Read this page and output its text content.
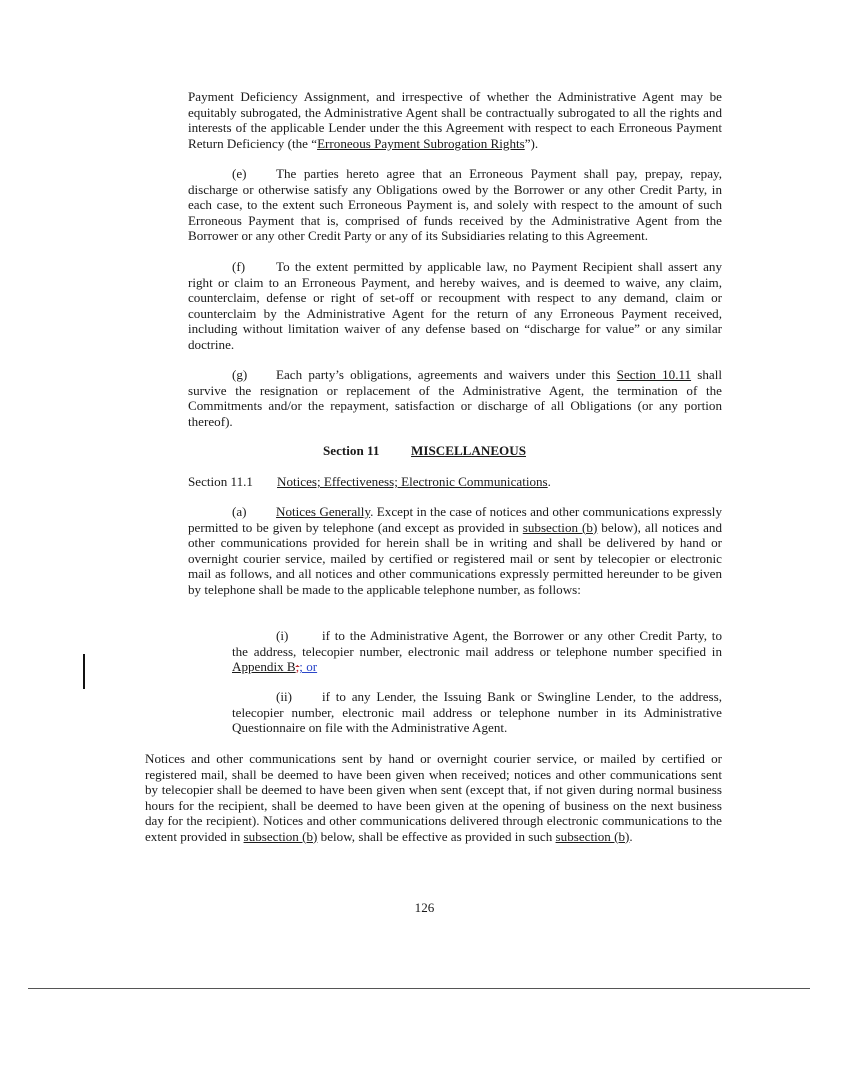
Payment Deficiency Assignment, and irrespective of whether the Administrative Agent may be equitably subrogated, the Administrative Agent shall be contractually subrogated to all the rights and interests of the applicable Lender under the this Agreement with respect to each Erroneous Payment Return Deficiency (the “Erroneous Payment Subrogation Rights”).
(e) The parties hereto agree that an Erroneous Payment shall pay, prepay, repay, discharge or otherwise satisfy any Obligations owed by the Borrower or any other Credit Party, in each case, to the extent such Erroneous Payment is, and solely with respect to the amount of such Erroneous Payment that is, comprised of funds received by the Administrative Agent from the Borrower or any other Credit Party or any of its Subsidiaries relating to this Agreement.
(f) To the extent permitted by applicable law, no Payment Recipient shall assert any right or claim to an Erroneous Payment, and hereby waives, and is deemed to waive, any claim, counterclaim, defense or right of set-off or recoupment with respect to any demand, claim or counterclaim by the Administrative Agent for the return of any Erroneous Payment received, including without limitation waiver of any defense based on “discharge for value” or any similar doctrine.
(g) Each party’s obligations, agreements and waivers under this Section 10.11 shall survive the resignation or replacement of the Administrative Agent, the termination of the Commitments and/or the repayment, satisfaction or discharge of all Obligations (or any portion thereof).
Section 11 MISCELLANEOUS
Section 11.1 Notices; Effectiveness; Electronic Communications.
(a) Notices Generally. Except in the case of notices and other communications expressly permitted to be given by telephone (and except as provided in subsection (b) below), all notices and other communications provided for herein shall be in writing and shall be delivered by hand or overnight courier service, mailed by certified or registered mail or sent by telecopier or electronic mail as follows, and all notices and other communications expressly permitted hereunder to be given by telephone shall be made to the applicable telephone number, as follows:
(i)	if to the Administrative Agent, the Borrower or any other Credit Party, to the address, telecopier number, electronic mail address or telephone number specified in Appendix B;; or
(ii) if to any Lender, the Issuing Bank or Swingline Lender, to the address, telecopier number, electronic mail address or telephone number in its Administrative Questionnaire on file with the Administrative Agent.
Notices and other communications sent by hand or overnight courier service, or mailed by certified or registered mail, shall be deemed to have been given when received; notices and other communications sent by telecopier shall be deemed to have been given when sent (except that, if not given during normal business hours for the recipient, shall be deemed to have been given at the opening of business on the next business day for the recipient). Notices and other communications delivered through electronic communications to the extent provided in subsection (b) below, shall be effective as provided in such subsection (b).
126
